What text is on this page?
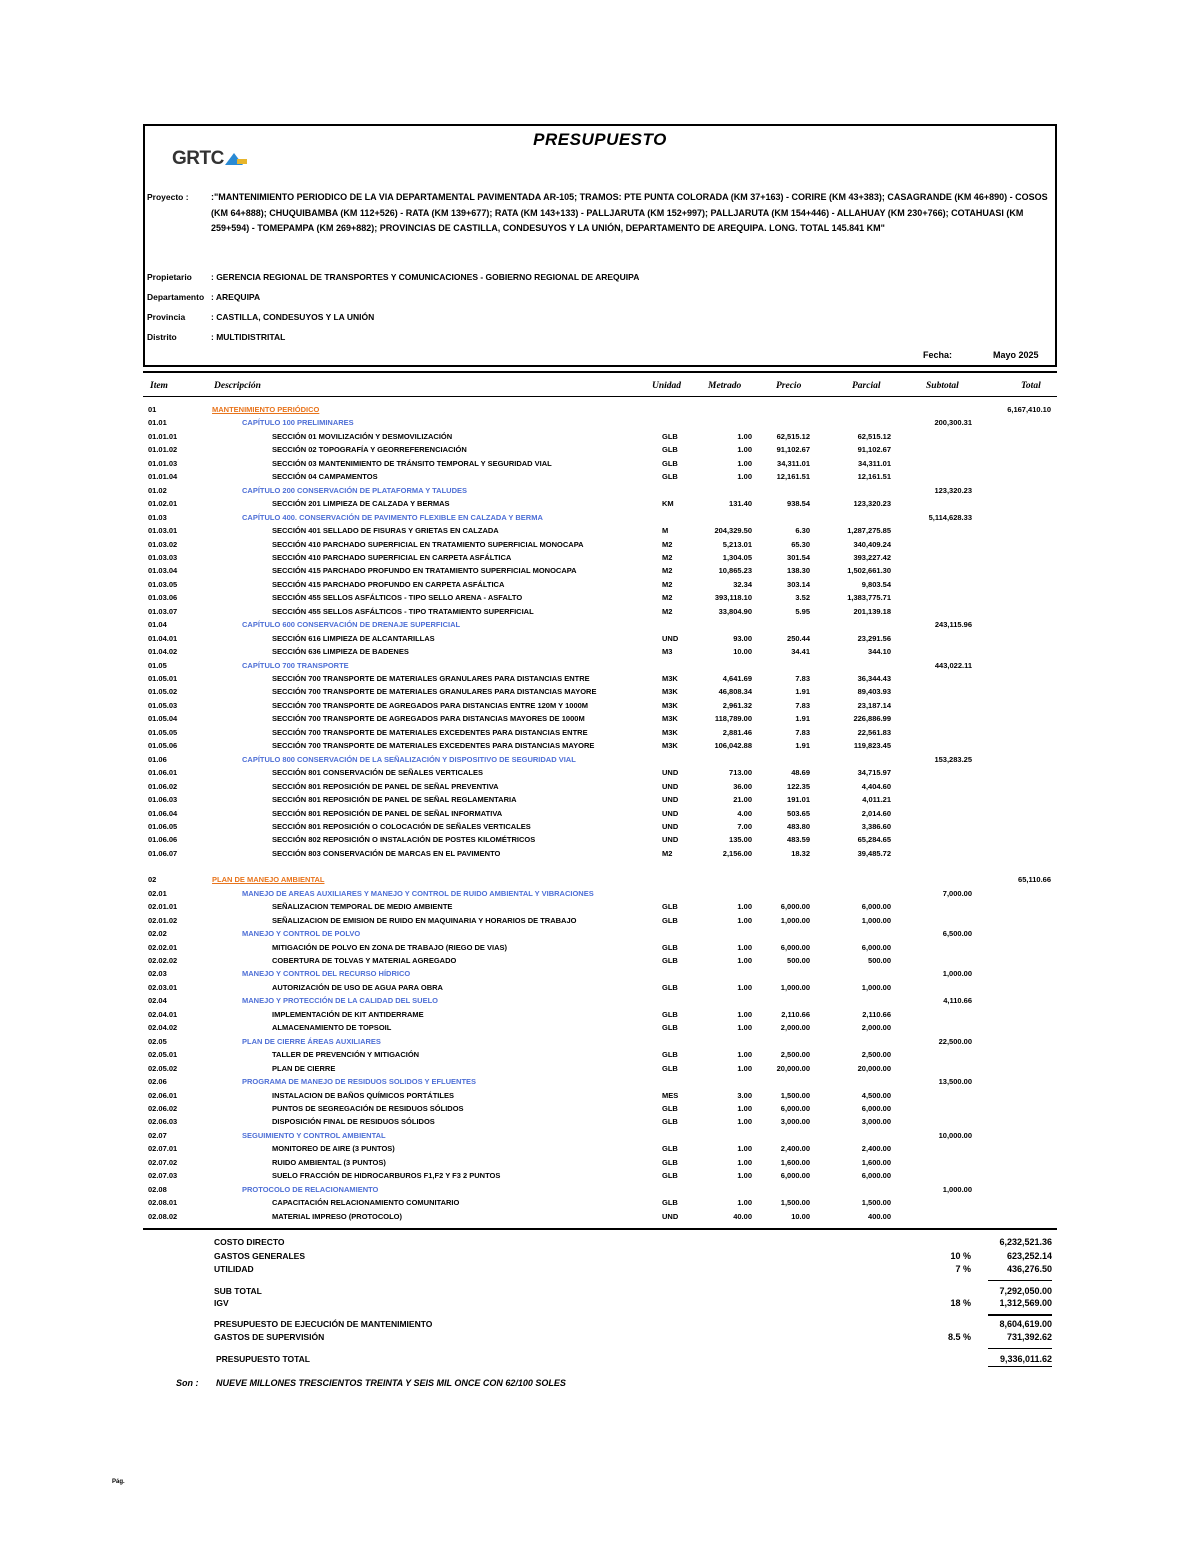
PRESUPUESTO
GRTC
Proyecto : :"MANTENIMIENTO PERIODICO DE LA VIA DEPARTAMENTAL PAVIMENTADA AR-105; TRAMOS: PTE PUNTA COLORADA (KM 37+163) - CORIRE (KM 43+383); CASAGRANDE (KM 46+890) - COSOS (KM 64+888); CHUQUIBAMBA (KM 112+526) - RATA (KM 139+677); RATA (KM 143+133) - PALLJARUTA (KM 152+997); PALLJARUTA (KM 154+446) - ALLAHUAY (KM 230+766); COTAHUASI (KM 259+594) - TOMEPAMPA (KM 269+882); PROVINCIAS DE CASTILLA, CONDESUYOS Y LA UNIÓN, DEPARTAMENTO DE AREQUIPA. LONG. TOTAL 145.841 KM"
Propietario : GERENCIA REGIONAL DE TRANSPORTES Y COMUNICACIONES - GOBIERNO REGIONAL DE AREQUIPA
Departamento : AREQUIPA
Provincia	: CASTILLA, CONDESUYOS Y LA UNIÓN
Distrito	: MULTIDISTRITAL
Fecha:	Mayo 2025
Item	Descripción	Unidad	Metrado	Precio	Parcial	Subtotal	Total
01	MANTENIMIENTO PERIÓDICO	6,167,410.10
01.01	CAPÍTULO 100 PRELIMINARES	200,300.31
01.01.01	SECCIÓN 01 MOVILIZACIÓN Y DESMOVILIZACIÓN	GLB	1.00	62,515.12	62,515.12
01.01.02	SECCIÓN 02 TOPOGRAFÍA Y GEORREFERENCIACIÓN	GLB	1.00	91,102.67	91,102.67
01.01.03	SECCIÓN 03 MANTENIMIENTO DE TRÁNSITO TEMPORAL Y SEGURIDAD VIAL	GLB	1.00	34,311.01	34,311.01
01.01.04	SECCIÓN 04 CAMPAMENTOS	GLB	1.00	12,161.51	12,161.51
01.02	CAPÍTULO 200 CONSERVACIÓN DE PLATAFORMA Y TALUDES	123,320.23
01.02.01	SECCIÓN 201 LIMPIEZA DE CALZADA Y BERMAS	KM	131.40	938.54	123,320.23
01.03	CAPÍTULO 400. CONSERVACIÓN DE PAVIMENTO FLEXIBLE EN CALZADA Y BERMA	5,114,628.33
01.03.01	SECCIÓN 401 SELLADO DE FISURAS Y GRIETAS EN CALZADA	M	204,329.50	6.30	1,287,275.85
01.03.02	SECCIÓN 410 PARCHADO SUPERFICIAL EN TRATAMIENTO SUPERFICIAL MONOCAPA	M2	5,213.01	65.30	340,409.24
01.03.03	SECCIÓN 410 PARCHADO SUPERFICIAL EN CARPETA ASFÁLTICA	M2	1,304.05	301.54	393,227.42
01.03.04	SECCIÓN 415 PARCHADO PROFUNDO EN TRATAMIENTO SUPERFICIAL MONOCAPA	M2	10,865.23	138.30	1,502,661.30
01.03.05	SECCIÓN 415 PARCHADO PROFUNDO EN CARPETA ASFÁLTICA	M2	32.34	303.14	9,803.54
01.03.06	SECCIÓN 455 SELLOS ASFÁLTICOS - TIPO SELLO ARENA - ASFALTO	M2	393,118.10	3.52	1,383,775.71
01.03.07	SECCIÓN 455 SELLOS ASFÁLTICOS - TIPO TRATAMIENTO SUPERFICIAL	M2	33,804.90	5.95	201,139.18
01.04	CAPÍTULO 600 CONSERVACIÓN DE DRENAJE SUPERFICIAL	243,115.96
01.04.01	SECCIÓN 616 LIMPIEZA DE ALCANTARILLAS	UND	93.00	250.44	23,291.56
01.04.02	SECCIÓN 636 LIMPIEZA DE BADENES	M3	10.00	34.41	344.10
01.05	CAPÍTULO 700 TRANSPORTE	443,022.11
01.05.01	SECCIÓN 700 TRANSPORTE DE MATERIALES GRANULARES PARA DISTANCIAS ENTRE	M3K	4,641.69	7.83	36,344.43
01.05.02	SECCIÓN 700 TRANSPORTE DE MATERIALES GRANULARES PARA DISTANCIAS MAYORE	M3K	46,808.34	1.91	89,403.93
01.05.03	SECCIÓN 700 TRANSPORTE DE AGREGADOS PARA DISTANCIAS ENTRE 120M Y 1000M	M3K	2,961.32	7.83	23,187.14
01.05.04	SECCIÓN 700 TRANSPORTE DE AGREGADOS PARA DISTANCIAS MAYORES DE 1000M	M3K	118,789.00	1.91	226,886.99
01.05.05	SECCIÓN 700 TRANSPORTE DE MATERIALES EXCEDENTES PARA DISTANCIAS ENTRE	M3K	2,881.46	7.83	22,561.83
01.05.06	SECCIÓN 700 TRANSPORTE DE MATERIALES EXCEDENTES PARA DISTANCIAS MAYORE	M3K	106,042.88	1.91	119,823.45
01.06	CAPÍTULO 800 CONSERVACIÓN DE LA SEÑALIZACIÓN Y DISPOSITIVO DE SEGURIDAD VIAL	153,283.25
01.06.01	SECCIÓN 801 CONSERVACIÓN DE SEÑALES VERTICALES	UND	713.00	48.69	34,715.97
01.06.02	SECCIÓN 801 REPOSICIÓN DE PANEL DE SEÑAL PREVENTIVA	UND	36.00	122.35	4,404.60
01.06.03	SECCIÓN 801 REPOSICIÓN DE PANEL DE SEÑAL REGLAMENTARIA	UND	21.00	191.01	4,011.21
01.06.04	SECCIÓN 801 REPOSICIÓN DE PANEL DE SEÑAL INFORMATIVA	UND	4.00	503.65	2,014.60
01.06.05	SECCIÓN 801 REPOSICIÓN O COLOCACIÓN DE SEÑALES VERTICALES	UND	7.00	483.80	3,386.60
01.06.06	SECCIÓN 802 REPOSICIÓN O INSTALACIÓN DE POSTES KILOMÉTRICOS	UND	135.00	483.59	65,284.65
01.06.07	SECCIÓN 803 CONSERVACIÓN DE MARCAS EN EL PAVIMENTO	M2	2,156.00	18.32	39,485.72
02	PLAN DE MANEJO AMBIENTAL	65,110.66
02.01	MANEJO DE AREAS AUXILIARES Y MANEJO Y CONTROL DE RUIDO AMBIENTAL Y VIBRACIONES	7,000.00
02.01.01	SEÑALIZACION TEMPORAL DE MEDIO AMBIENTE	GLB	1.00	6,000.00	6,000.00
02.01.02	SEÑALIZACION DE EMISION DE RUIDO EN MAQUINARIA Y HORARIOS DE TRABAJO	GLB	1.00	1,000.00	1,000.00
02.02	MANEJO Y CONTROL DE POLVO	6,500.00
02.02.01	MITIGACIÓN DE POLVO EN ZONA DE TRABAJO (RIEGO DE VIAS)	GLB	1.00	6,000.00	6,000.00
02.02.02	COBERTURA DE TOLVAS Y MATERIAL AGREGADO	GLB	1.00	500.00	500.00
02.03	MANEJO Y CONTROL DEL RECURSO HÍDRICO	1,000.00
02.03.01	AUTORIZACIÓN DE USO DE AGUA PARA OBRA	GLB	1.00	1,000.00	1,000.00
02.04	MANEJO Y PROTECCIÓN DE LA CALIDAD DEL SUELO	4,110.66
02.04.01	IMPLEMENTACIÓN DE KIT ANTIDERRAME	GLB	1.00	2,110.66	2,110.66
02.04.02	ALMACENAMIENTO DE TOPSOIL	GLB	1.00	2,000.00	2,000.00
02.05	PLAN DE CIERRE ÁREAS AUXILIARES	22,500.00
02.05.01	TALLER DE PREVENCIÓN Y MITIGACIÓN	GLB	1.00	2,500.00	2,500.00
02.05.02	PLAN DE CIERRE	GLB	1.00	20,000.00	20,000.00
02.06	PROGRAMA DE MANEJO DE RESIDUOS SOLIDOS Y EFLUENTES	13,500.00
02.06.01	INSTALACION DE BAÑOS QUÍMICOS PORTÁTILES	MES	3.00	1,500.00	4,500.00
02.06.02	PUNTOS DE SEGREGACIÓN DE RESIDUOS SÓLIDOS	GLB	1.00	6,000.00	6,000.00
02.06.03	DISPOSICIÓN FINAL DE RESIDUOS SÓLIDOS	GLB	1.00	3,000.00	3,000.00
02.07	SEGUIMIENTO Y CONTROL AMBIENTAL	10,000.00
02.07.01	MONITOREO DE AIRE (3 PUNTOS)	GLB	1.00	2,400.00	2,400.00
02.07.02	RUIDO AMBIENTAL (3 PUNTOS)	GLB	1.00	1,600.00	1,600.00
02.07.03	SUELO FRACCIÓN DE HIDROCARBUROS F1,F2 Y F3 2 PUNTOS	GLB	1.00	6,000.00	6,000.00
02.08	PROTOCOLO DE RELACIONAMIENTO	1,000.00
02.08.01	CAPACITACIÓN RELACIONAMIENTO COMUNITARIO	GLB	1.00	1,500.00	1,500.00
02.08.02	MATERIAL IMPRESO (PROTOCOLO)	UND	40.00	10.00	400.00
COSTO DIRECTO	6,232,521.36
GASTOS GENERALES	10 %	623,252.14
UTILIDAD	7 %	436,276.50
SUB TOTAL	7,292,050.00
IGV	18 %	1,312,569.00
PRESUPUESTO DE EJECUCIÓN DE MANTENIMIENTO	8,604,619.00
GASTOS DE SUPERVISIÓN	8.5 %	731,392.62
PRESUPUESTO TOTAL	9,336,011.62
Son : NUEVE MILLONES TRESCIENTOS TREINTA Y SEIS MIL ONCE CON 62/100 SOLES
Pág.
